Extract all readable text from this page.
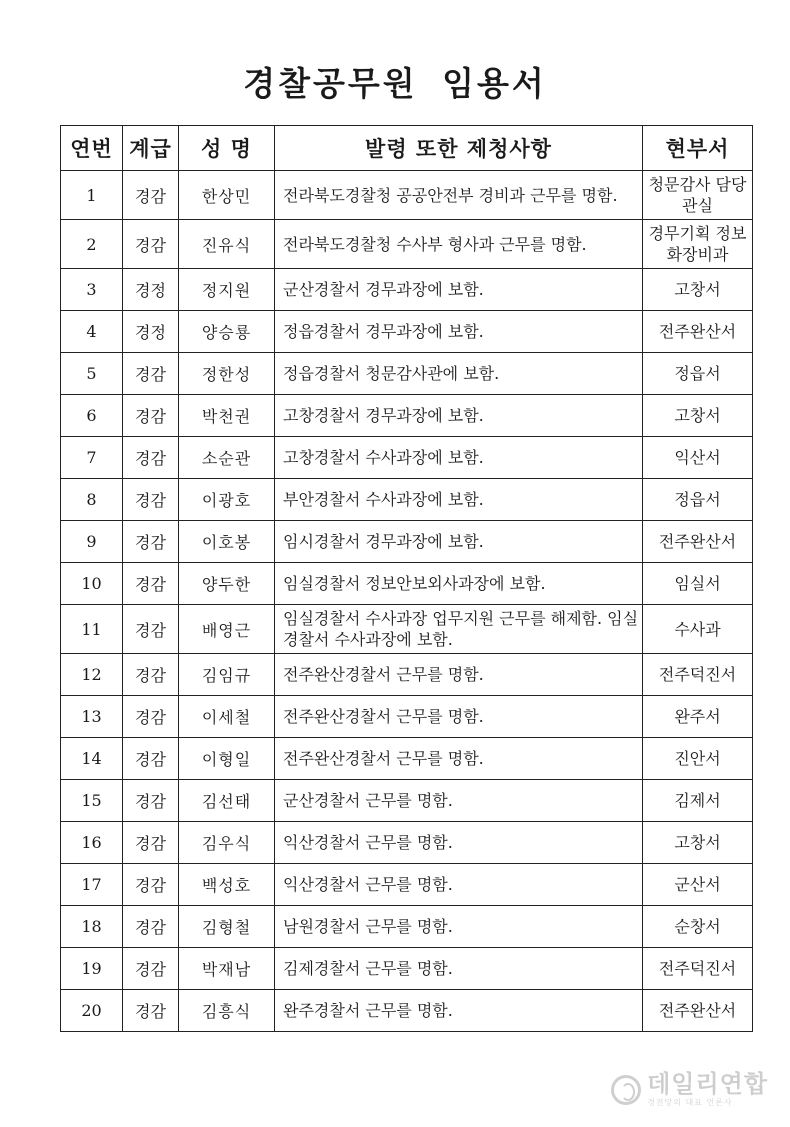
경찰공무원 임용서
연번	계급	성 명	발령 또한 제청사항	현부서
1	경감	한상민	전라북도경찰청 공공안전부 경비과 근무를 명함.	청문감사 담당관실
2	경감	진유식	전라북도경찰청 수사부 형사과 근무를 명함.	경무기획 정보화장비과
3	경정	정지원	군산경찰서 경무과장에 보함.	고창서
4	경정	양승룡	정읍경찰서 경무과장에 보함.	전주완산서
5	경감	정한성	정읍경찰서 청문감사관에 보함.	정읍서
6	경감	박천권	고창경찰서 경무과장에 보함.	고창서
7	경감	소순관	고창경찰서 수사과장에 보함.	익산서
8	경감	이광호	부안경찰서 수사과장에 보함.	정읍서
9	경감	이호봉	임시경찰서 경무과장에 보함.	전주완산서
10	경감	양두한	임실경찰서 정보안보외사과장에 보함.	임실서
11	경감	배영근	임실경찰서 수사과장 업무지원 근무를 해제함. 임실경찰서 수사과장에 보함.	수사과
12	경감	김임규	전주완산경찰서 근무를 명함.	전주덕진서
13	경감	이세철	전주완산경찰서 근무를 명함.	완주서
14	경감	이형일	전주완산경찰서 근무를 명함.	진안서
15	경감	김선태	군산경찰서 근무를 명함.	김제서
16	경감	김우식	익산경찰서 근무를 명함.	고창서
17	경감	백성호	익산경찰서 근무를 명함.	군산서
18	경감	김형철	남원경찰서 근무를 명함.	순창서
19	경감	박재남	김제경찰서 근무를 명함.	전주덕진서
20	경감	김흥식	완주경찰서 근무를 명함.	전주완산서
데일리연합
경전망의 대표 언론사
